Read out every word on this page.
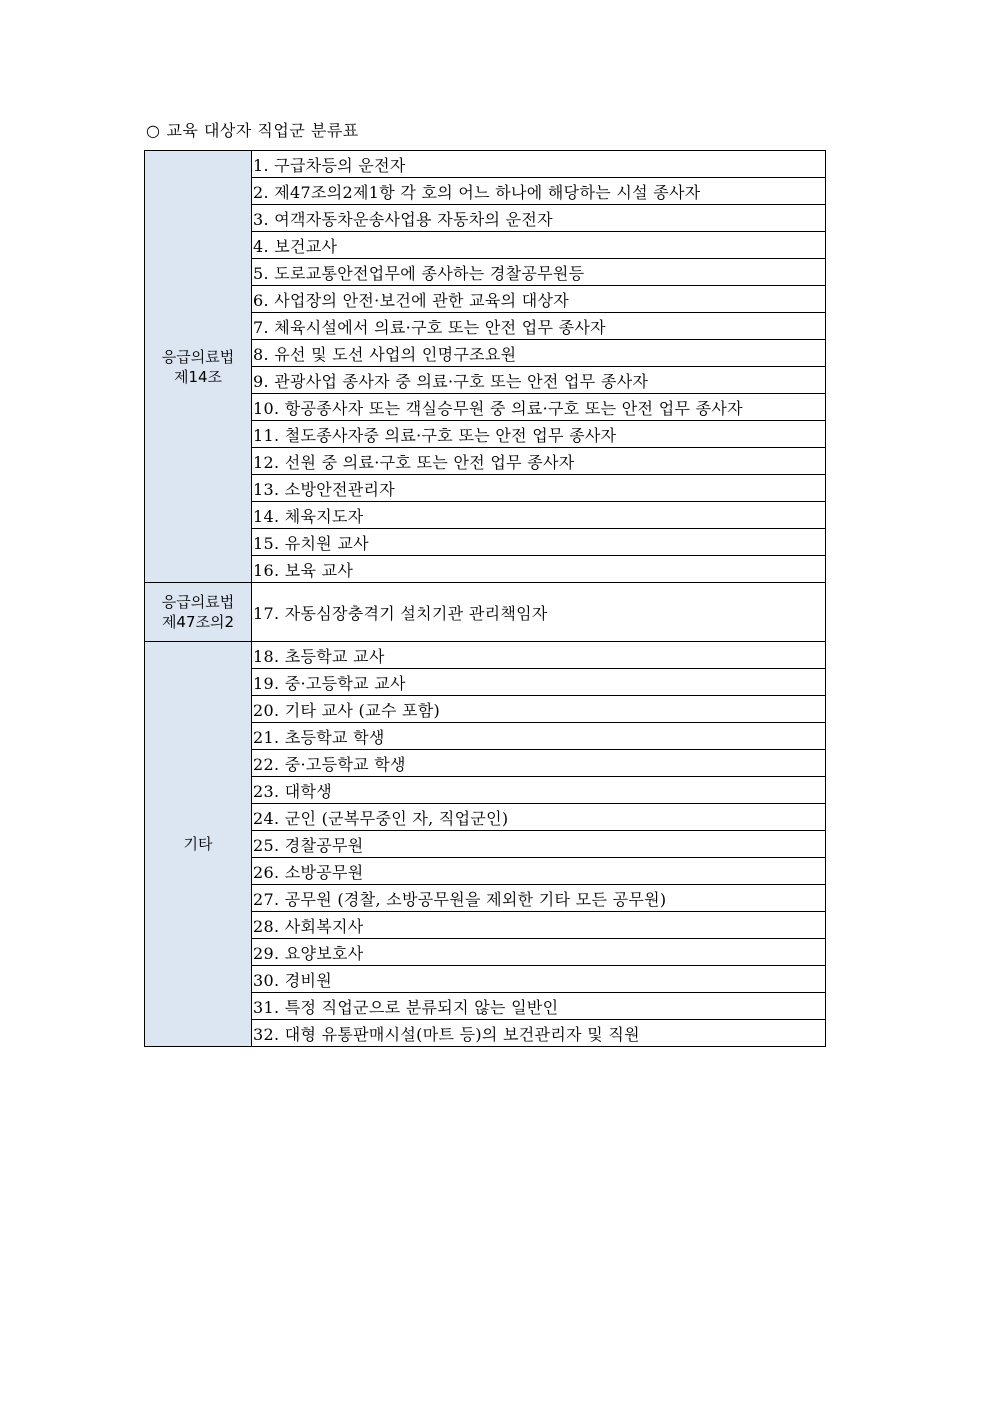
○ 교육 대상자 직업군 분류표
응급의료법
제14조	1. 구급차등의 운전자
	2. 제47조의2제1항 각 호의 어느 하나에 해당하는 시설 종사자
	3. 여객자동차운송사업용 자동차의 운전자
	4. 보건교사
	5. 도로교통안전업무에 종사하는 경찰공무원등
	6. 사업장의 안전·보건에 관한 교육의 대상자
	7. 체육시설에서 의료·구호 또는 안전 업무 종사자
	8. 유선 및 도선 사업의 인명구조요원
	9. 관광사업 종사자 중 의료·구호 또는 안전 업무 종사자
	10. 항공종사자 또는 객실승무원 중 의료·구호 또는 안전 업무 종사자
	11. 철도종사자중 의료·구호 또는 안전 업무 종사자
	12. 선원 중 의료·구호 또는 안전 업무 종사자
	13. 소방안전관리자
	14. 체육지도자
	15. 유치원 교사
	16. 보육 교사

응급의료법
제47조의2	17. 자동심장충격기 설치기관 관리책임자

기타	18. 초등학교 교사
	19. 중·고등학교 교사
	20. 기타 교사 (교수 포함)
	21. 초등학교 학생
	22. 중·고등학교 학생
	23. 대학생
	24. 군인 (군복무중인 자, 직업군인)
	25. 경찰공무원
	26. 소방공무원
	27. 공무원 (경찰, 소방공무원을 제외한 기타 모든 공무원)
	28. 사회복지사
	29. 요양보호사
	30. 경비원
	31. 특정 직업군으로 분류되지 않는 일반인
	32. 대형 유통판매시설(마트 등)의 보건관리자 및 직원
